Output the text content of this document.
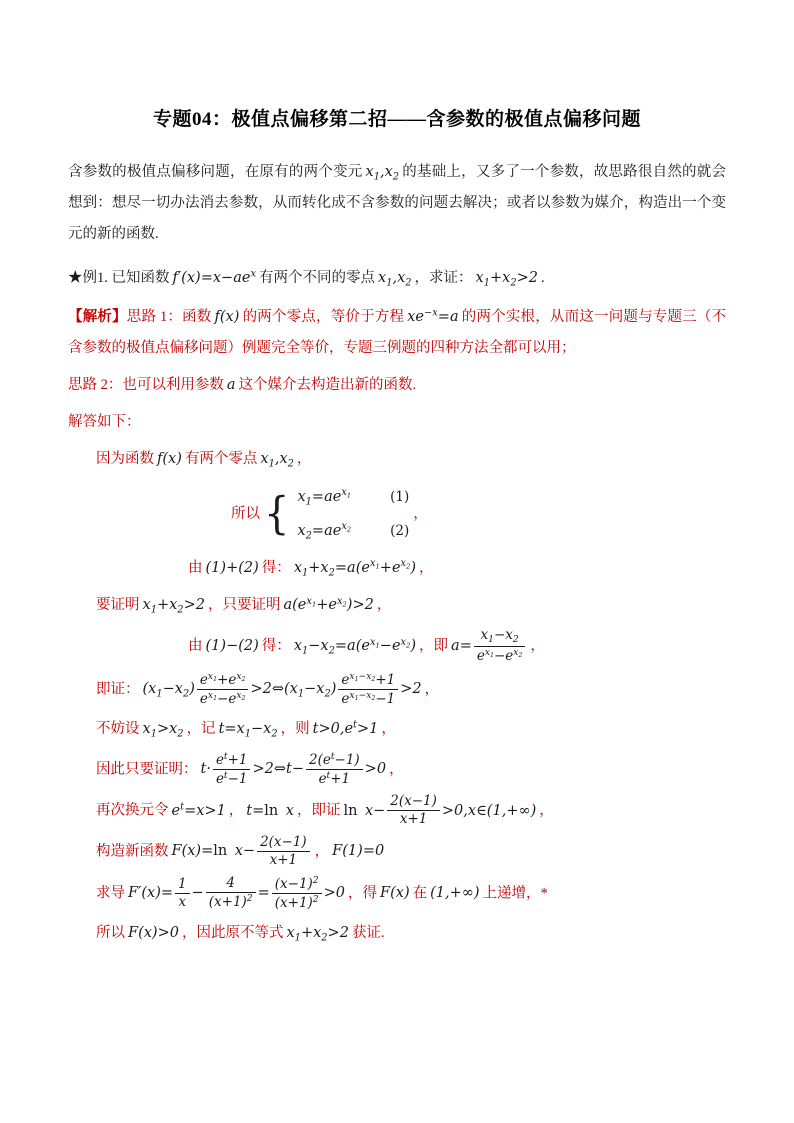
专题04：极值点偏移第二招——含参数的极值点偏移问题
含参数的极值点偏移问题，在原有的两个变元 $x_1,x_2$ 的基础上，又多了一个参数，故思路很自然的就会想到：想尽一切办法消去参数，从而转化成不含参数的问题去解决；或者以参数为媒介，构造出一个变元的新的函数.
★例1. 已知函数 $f'(x)=x-ae^x$ 有两个不同的零点 $x_1,x_2$ ，求证： $x_1+x_2>2$ .
【解析】思路 1：函数 f(x) 的两个零点，等价于方程 $xe^{-x}=a$ 的两个实根，从而这一问题与专题三（不含参数的极值点偏移问题）例题完全等价，专题三例题的四种方法全都可以用；
思路 2：也可以利用参数 a 这个媒介去构造出新的函数.
解答如下：
因为函数 f(x) 有两个零点 $x_1,x_2$ ，
所以 { $x_1=ae^{x_1}$	(1)
$x_2=ae^{x_2}$	(2)
，
由 (1)+(2) 得： $x_1+x_2=a(e^{x_1}+e^{x_2})$ ，
要证明 $x_1+x_2>2$ ，只要证明 $a(e^{x_1}+e^{x_2})>2$ ，
由 (1)−(2) 得： $x_1-x_2=a(e^{x_1}-e^{x_2})$ ，即 $a= \frac{x_1-x_2}{e^{x_1}-e^{x_2}}$ ，
即证： $(x_1-x_2) \frac{e^{x_1}+e^{x_2}}{e^{x_1}-e^{x_2}}$ $>2\Leftrightarrow(x_1-x_2) \frac{e^{x_1-x_2}+1}{e^{x_1-x_2}-1} >2$ ，
不妨设 $x_1>x_2$ ，记 $t=x_1-x_2$ ，则 $t>0,e^t>1$ ，
因此只要证明： $t\cdot \frac{e^t+1}{e^t-1}$ >2⇔t− $\frac{2(e^t-1)}{e^t+1} >0$ ，
再次换元令 $e^t=x>1$ ， t=ln  x ，即证 $\ln x- \frac{2(x-1)}{x+1}$ >0,x∈(1,+∞) ，
构造新函数 F(x)=ln  $x- \frac{2(x-1)}{x+1}$ ， F(1)=0
求导 $F'(x)= \frac{1}{x} - \frac{4}{(x+1)^2} = \frac{(x-1)^2}{(x+1)^2} >0$ ，得 F(x) 在 (1,+∞) 上递增，*
所以 F(x)>0 ，因此原不等式 $x_1+x_2>2$ 获证.
